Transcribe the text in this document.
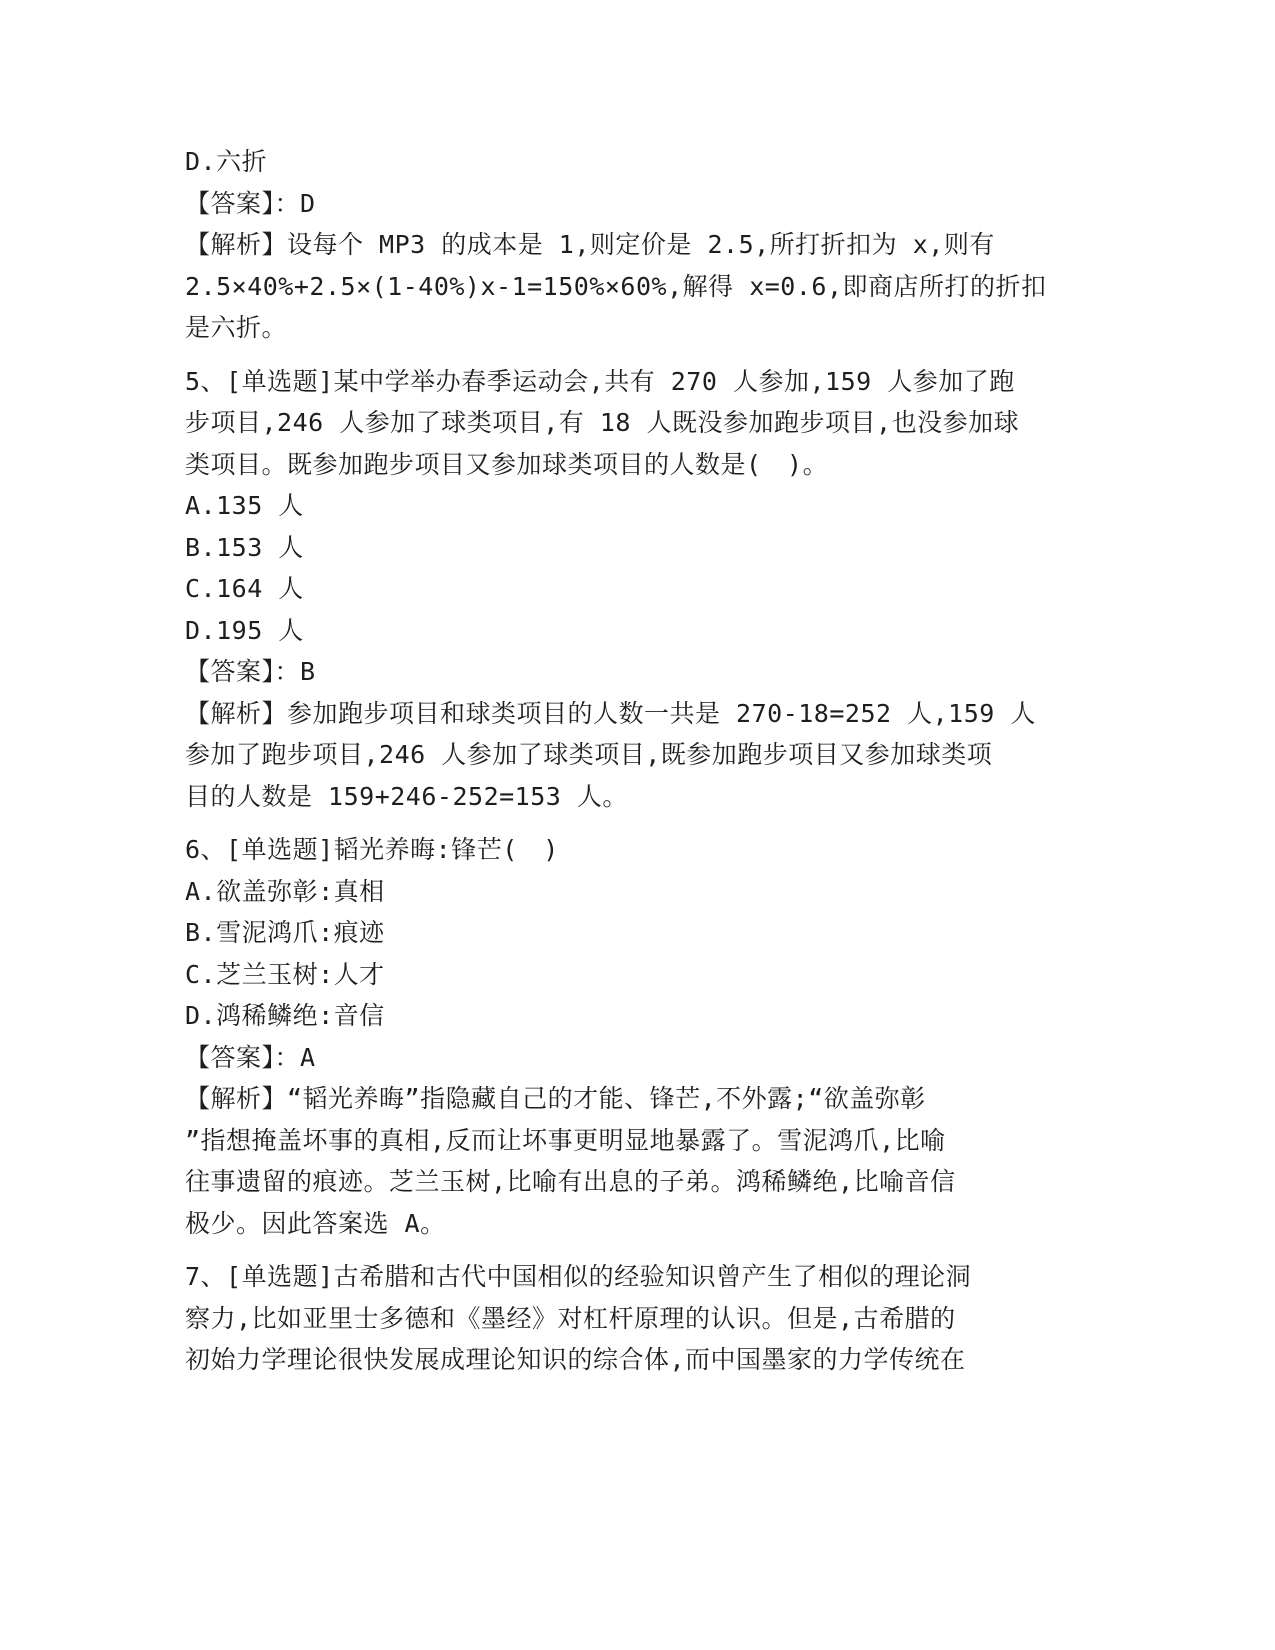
D.六折
【答案】：D
【解析】设每个 MP3 的成本是 1,则定价是 2.5,所打折扣为 x,则有
2.5×40%+2.5×(1-40%)x-1=150%×60%,解得 x=0.6,即商店所打的折扣
是六折。
5、[单选题]某中学举办春季运动会,共有 270 人参加,159 人参加了跑
步项目,246 人参加了球类项目,有 18 人既没参加跑步项目,也没参加球
类项目。既参加跑步项目又参加球类项目的人数是(　)。
A.135 人
B.153 人
C.164 人
D.195 人
【答案】：B
【解析】参加跑步项目和球类项目的人数一共是 270-18=252 人,159 人
参加了跑步项目,246 人参加了球类项目,既参加跑步项目又参加球类项
目的人数是 159+246-252=153 人。
6、[单选题]韬光养晦:锋芒(　)
A.欲盖弥彰:真相
B.雪泥鸿爪:痕迹
C.芝兰玉树:人才
D.鸿稀鳞绝:音信
【答案】：A
【解析】“韬光养晦”指隐藏自己的才能、锋芒,不外露;“欲盖弥彰
”指想掩盖坏事的真相,反而让坏事更明显地暴露了。雪泥鸿爪,比喻
往事遗留的痕迹。芝兰玉树,比喻有出息的子弟。鸿稀鳞绝,比喻音信
极少。因此答案选 A。
7、[单选题]古希腊和古代中国相似的经验知识曾产生了相似的理论洞
察力,比如亚里士多德和《墨经》对杠杆原理的认识。但是,古希腊的
初始力学理论很快发展成理论知识的综合体,而中国墨家的力学传统在
